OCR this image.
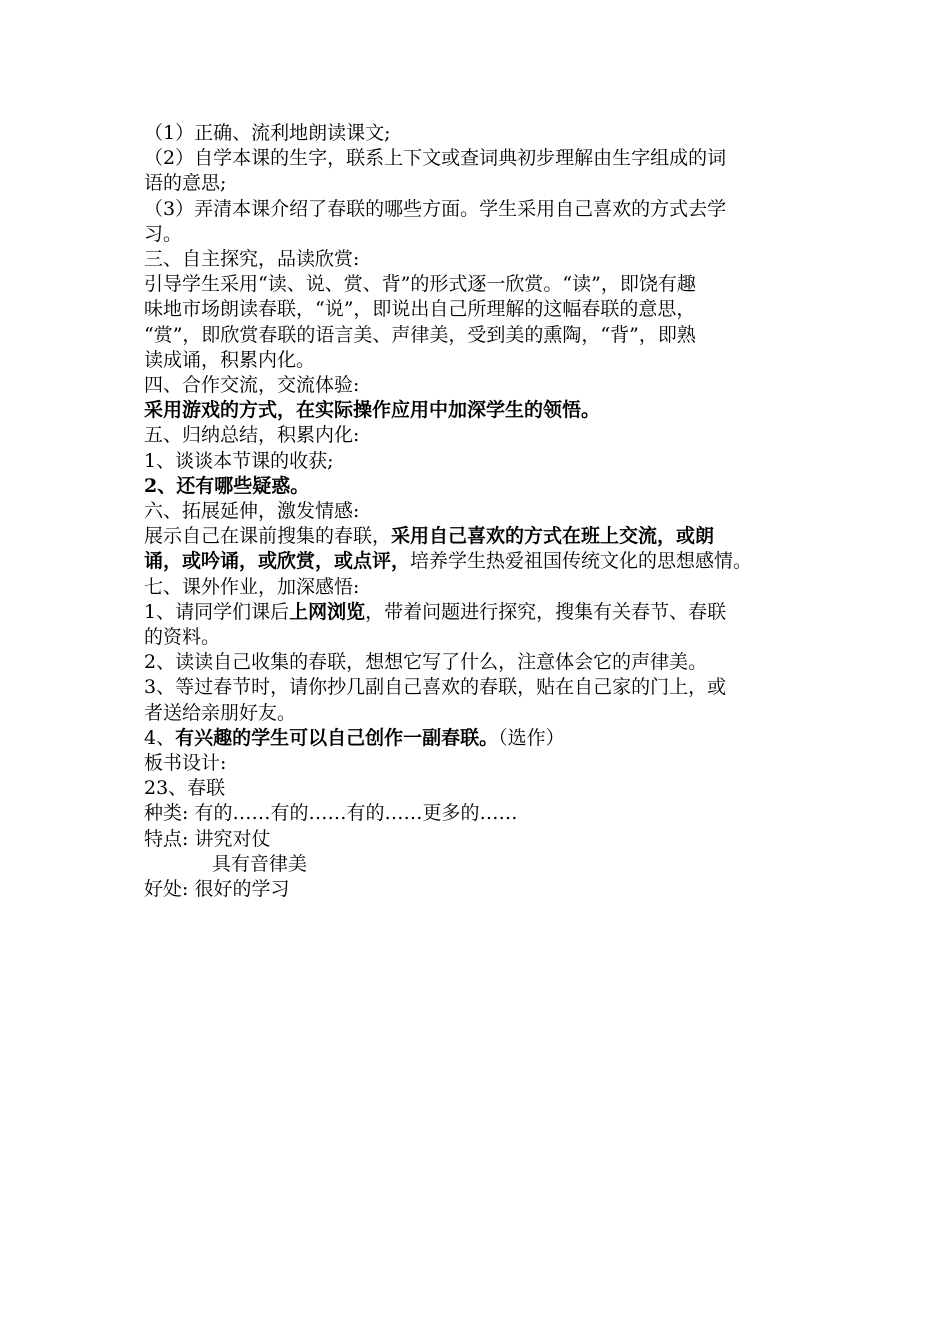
（1）正确、流利地朗读课文;
（2）自学本课的生字，联系上下文或查词典初步理解由生字组成的词
语的意思;
（3）弄清本课介绍了春联的哪些方面。学生采用自己喜欢的方式去学
习。
三、自主探究，品读欣赏:
引导学生采用“读、说、赏、背”的形式逐一欣赏。“读”，即饶有趣
味地市场朗读春联，“说”，即说出自己所理解的这幅春联的意思，
“赏”，即欣赏春联的语言美、声律美，受到美的熏陶，“背”，即熟
读成诵，积累内化。
四、合作交流，交流体验:
采用游戏的方式，在实际操作应用中加深学生的领悟。
五、归纳总结，积累内化:
1、谈谈本节课的收获;
2、还有哪些疑惑。
六、拓展延伸，激发情感:
展示自己在课前搜集的春联，采用自己喜欢的方式在班上交流，或朗
诵，或吟诵，或欣赏，或点评，培养学生热爱祖国传统文化的思想感情。
七、课外作业，加深感悟:
1、请同学们课后上网浏览，带着问题进行探究，搜集有关春节、春联
的资料。
2、读读自己收集的春联，想想它写了什么，注意体会它的声律美。
3、等过春节时，请你抄几副自己喜欢的春联，贴在自己家的门上，或
者送给亲朋好友。
4、有兴趣的学生可以自己创作一副春联。（选作）
板书设计:
23、春联
种类: 有的……有的……有的……更多的……
特点: 讲究对仗
具有音律美
好处: 很好的学习
